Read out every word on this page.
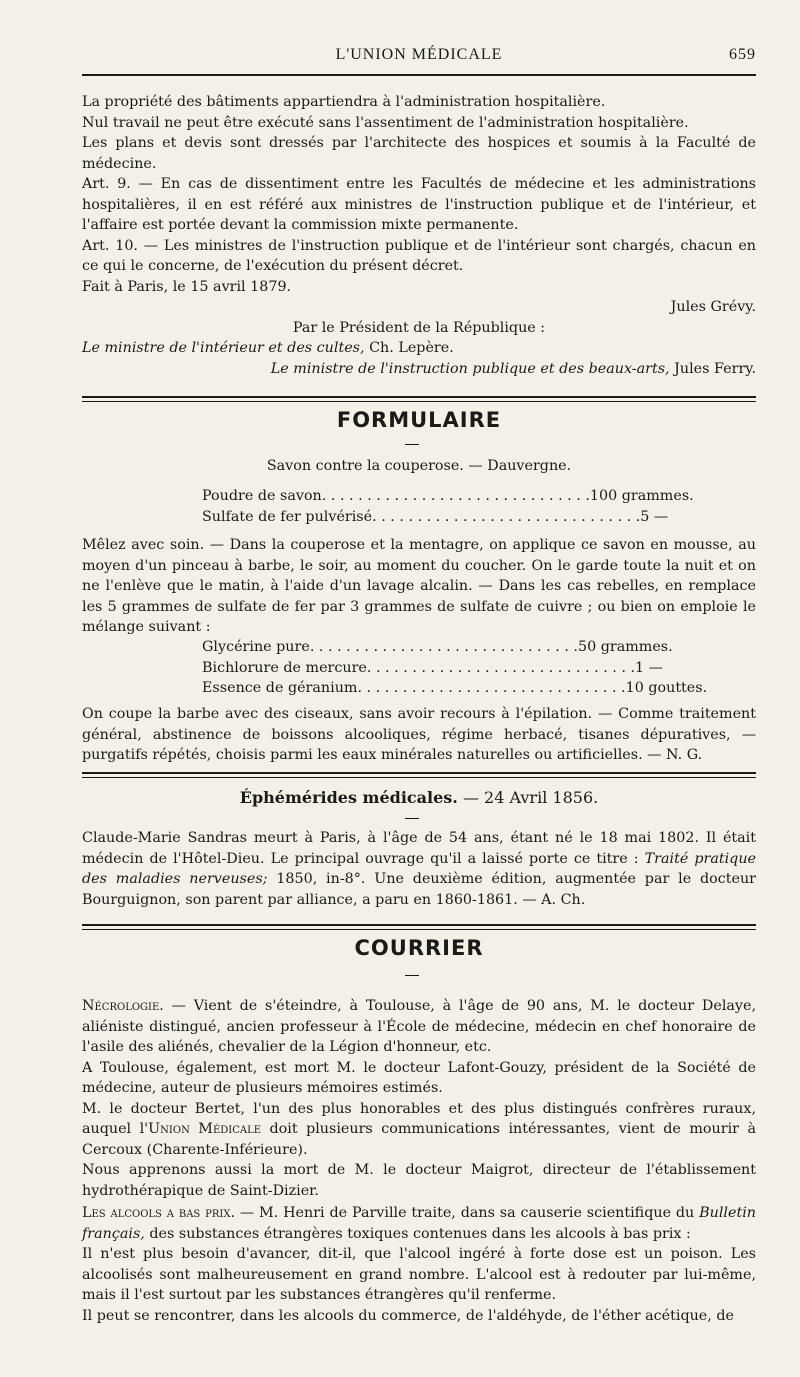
L'UNION MÉDICALE	659

La propriété des bâtiments appartiendra à l'administration hospitalière.

Nul travail ne peut être exécuté sans l'assentiment de l'administration hospitalière.

Les plans et devis sont dressés par l'architecte des hospices et soumis à la Faculté de médecine.

Art. 9. — En cas de dissentiment entre les Facultés de médecine et les administrations hospitalières, il en est référé aux ministres de l'instruction publique et de l'intérieur, et l'affaire est portée devant la commission mixte permanente.

Art. 10. — Les ministres de l'instruction publique et de l'intérieur sont chargés, chacun en ce qui le concerne, de l'exécution du présent décret.

Fait à Paris, le 15 avril 1879.

Jules Grévy.

Par le Président de la République :

Le ministre de l'intérieur et des cultes, Ch. Lepère.

Le ministre de l'instruction publique et des beaux-arts, Jules Ferry.

FORMULAIRE
Savon contre la couperose. — Dauvergne.
Poudre de savon . . . . . . . . . . . . . . . . . . . . . . . . . . . . . . 100 grammes.
Sulfate de fer pulvérisé . . . . . . . . . . . . . . . . . . . . . . . . . . . . . . 5 —

Mêlez avec soin. — Dans la couperose et la mentagre, on applique ce savon en mousse, au moyen d'un pinceau à barbe, le soir, au moment du coucher. On le garde toute la nuit et on ne l'enlève que le matin, à l'aide d'un lavage alcalin. — Dans les cas rebelles, en remplace les 5 grammes de sulfate de fer par 3 grammes de sulfate de cuivre ; ou bien on emploie le mélange suivant :

Glycérine pure . . . . . . . . . . . . . . . . . . . . . . . . . . . . . . 50 grammes.
Bichlorure de mercure . . . . . . . . . . . . . . . . . . . . . . . . . . . . . . 1 —
Essence de géranium . . . . . . . . . . . . . . . . . . . . . . . . . . . . . . 10 gouttes.

On coupe la barbe avec des ciseaux, sans avoir recours à l'épilation. — Comme traitement général, abstinence de boissons alcooliques, régime herbacé, tisanes dépuratives, — purgatifs répétés, choisis parmi les eaux minérales naturelles ou artificielles. — N. G.

Éphémérides médicales. — 24 Avril 1856.

Claude-Marie Sandras meurt à Paris, à l'âge de 54 ans, étant né le 18 mai 1802. Il était médecin de l'Hôtel-Dieu. Le principal ouvrage qu'il a laissé porte ce titre : Traité pratique des maladies nerveuses; 1850, in-8°. Une deuxième édition, augmentée par le docteur Bourguignon, son parent par alliance, a paru en 1860-1861. — A. Ch.

COURRIER

Nécrologie. — Vient de s'éteindre, à Toulouse, à l'âge de 90 ans, M. le docteur Delaye, aliéniste distingué, ancien professeur à l'École de médecine, médecin en chef honoraire de l'asile des aliénés, chevalier de la Légion d'honneur, etc.

A Toulouse, également, est mort M. le docteur Lafont-Gouzy, président de la Société de médecine, auteur de plusieurs mémoires estimés.

M. le docteur Bertet, l'un des plus honorables et des plus distingués confrères ruraux, auquel l'Union Médicale doit plusieurs communications intéressantes, vient de mourir à Cercoux (Charente-Inférieure).

Nous apprenons aussi la mort de M. le docteur Maigrot, directeur de l'établissement hydrothérapique de Saint-Dizier.

Les alcools a bas prix. — M. Henri de Parville traite, dans sa causerie scientifique du Bulletin français, des substances étrangères toxiques contenues dans les alcools à bas prix :

Il n'est plus besoin d'avancer, dit-il, que l'alcool ingéré à forte dose est un poison. Les alcoolisés sont malheureusement en grand nombre. L'alcool est à redouter par lui-même, mais il l'est surtout par les substances étrangères qu'il renferme.

Il peut se rencontrer, dans les alcools du commerce, de l'aldéhyde, de l'éther acétique, de
